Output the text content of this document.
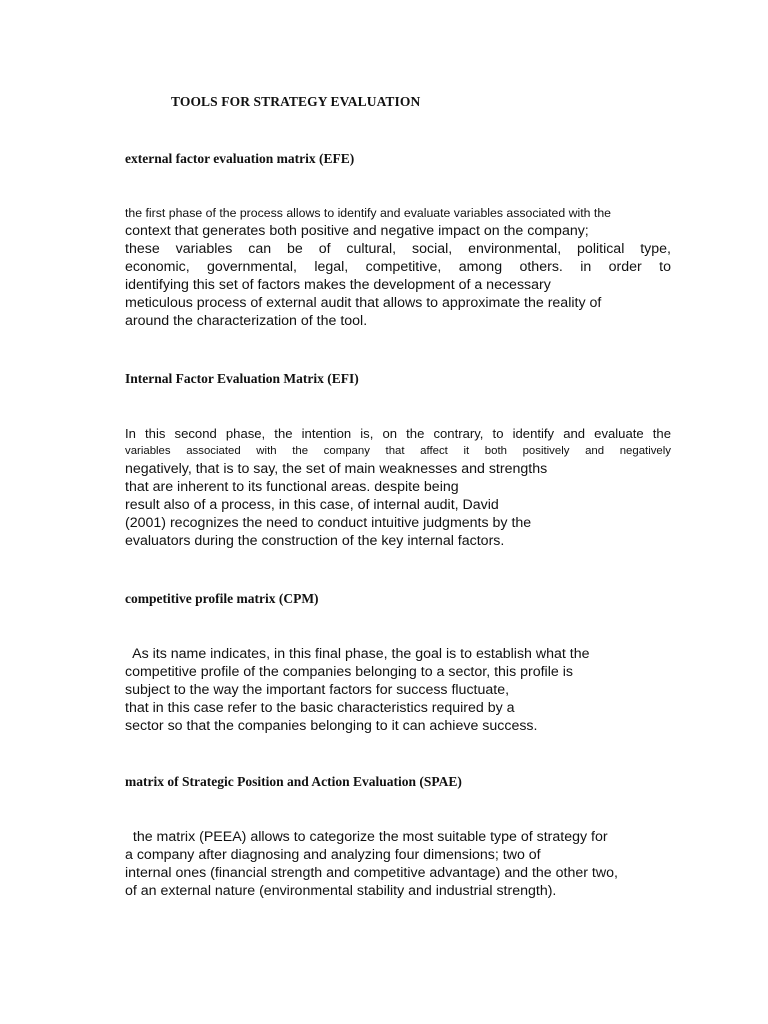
TOOLS FOR STRATEGY EVALUATION
external factor evaluation matrix (EFE)
the first phase of the process allows to identify and evaluate variables associated with the
context that generates both positive and negative impact on the company;
these variables can be of cultural, social, environmental, political type,
economic, governmental, legal, competitive, among others. in order to
identifying this set of factors makes the development of a necessary
meticulous process of external audit that allows to approximate the reality of
around the characterization of the tool.
Internal Factor Evaluation Matrix (EFI)
In this second phase, the intention is, on the contrary, to identify and evaluate the
variables associated with the company that affect it both positively and negatively
negatively, that is to say, the set of main weaknesses and strengths
that are inherent to its functional areas. despite being
result also of a process, in this case, of internal audit, David
(2001) recognizes the need to conduct intuitive judgments by the
evaluators during the construction of the key internal factors.
competitive profile matrix (CPM)
As its name indicates, in this final phase, the goal is to establish what the
competitive profile of the companies belonging to a sector, this profile is
subject to the way the important factors for success fluctuate,
that in this case refer to the basic characteristics required by a
sector so that the companies belonging to it can achieve success.
matrix of Strategic Position and Action Evaluation (SPAE)
the matrix (PEEA) allows to categorize the most suitable type of strategy for
a company after diagnosing and analyzing four dimensions; two of
internal ones (financial strength and competitive advantage) and the other two,
of an external nature (environmental stability and industrial strength).
